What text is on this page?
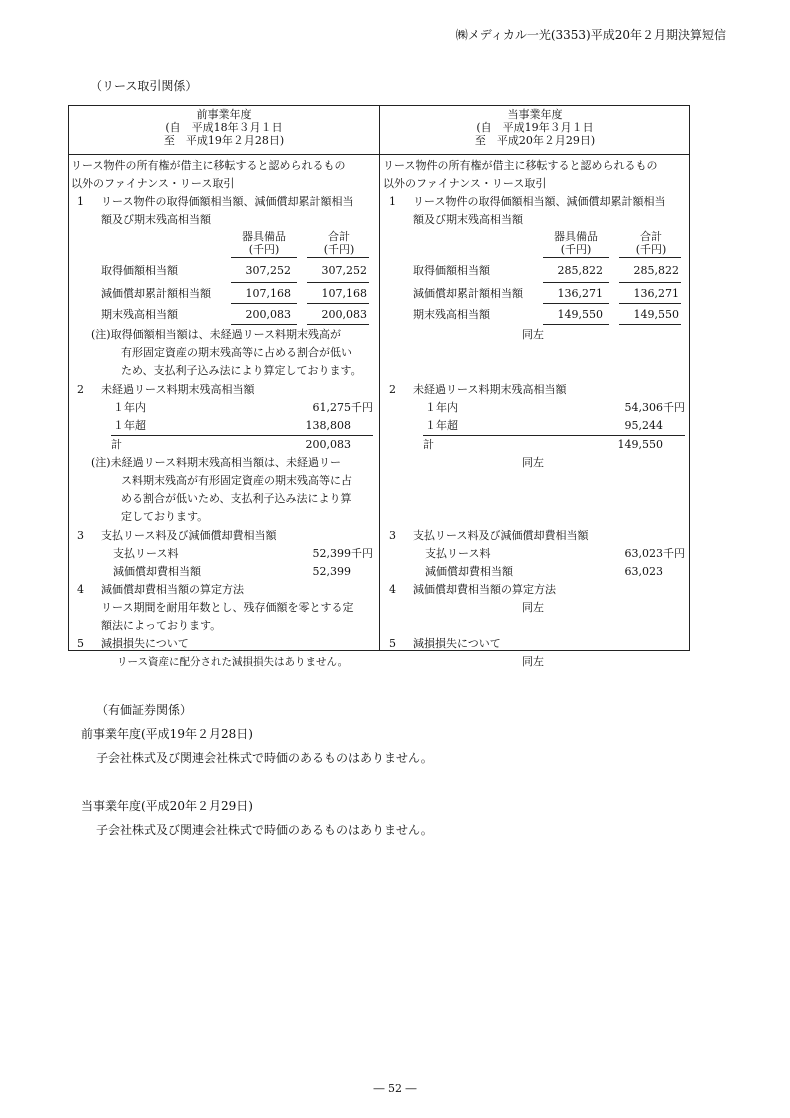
㈱メディカル一光(3353)平成20年２月期決算短信
（リース取引関係）
前事業年度
(自　平成18年３月１日
至　平成19年２月28日)
当事業年度
(自　平成19年３月１日
至　平成20年２月29日)
リース物件の所有権が借主に移転すると認められるもの
以外のファイナンス・リース取引
1 リース物件の取得価額相当額、減価償却累計額相当
額及び期末残高相当額
器具備品
(千円)
合計
(千円)
取得価額相当額	307,252	307,252
減価償却累計額相当額	107,168	107,168
期末残高相当額	200,083	200,083
(注)取得価額相当額は、未経過リース料期末残高が
有形固定資産の期末残高等に占める割合が低い
ため、支払利子込み法により算定しております。
2 未経過リース料期末残高相当額
１年内	61,275千円
１年超	138,808
計	200,083
(注)未経過リース料期末残高相当額は、未経過リー
ス料期末残高が有形固定資産の期末残高等に占
める割合が低いため、支払利子込み法により算
定しております。
3 支払リース料及び減価償却費相当額
支払リース料	52,399千円
減価償却費相当額	52,399
4 減価償却費相当額の算定方法
リース期間を耐用年数とし、残存価額を零とする定
額法によっております。
5 減損損失について
リース資産に配分された減損損失はありません。
リース物件の所有権が借主に移転すると認められるもの
以外のファイナンス・リース取引
1 リース物件の取得価額相当額、減価償却累計額相当
額及び期末残高相当額
器具備品
(千円)
合計
(千円)
取得価額相当額	285,822	285,822
減価償却累計額相当額	136,271	136,271
期末残高相当額	149,550	149,550
同左
2 未経過リース料期末残高相当額
１年内	54,306千円
１年超	95,244
計	149,550
同左
3 支払リース料及び減価償却費相当額
支払リース料	63,023千円
減価償却費相当額	63,023
4 減価償却費相当額の算定方法
同左
5 減損損失について
同左
（有価証券関係）
前事業年度(平成19年２月28日)
子会社株式及び関連会社株式で時価のあるものはありません。
当事業年度(平成20年２月29日)
子会社株式及び関連会社株式で時価のあるものはありません。
― 52 ―
